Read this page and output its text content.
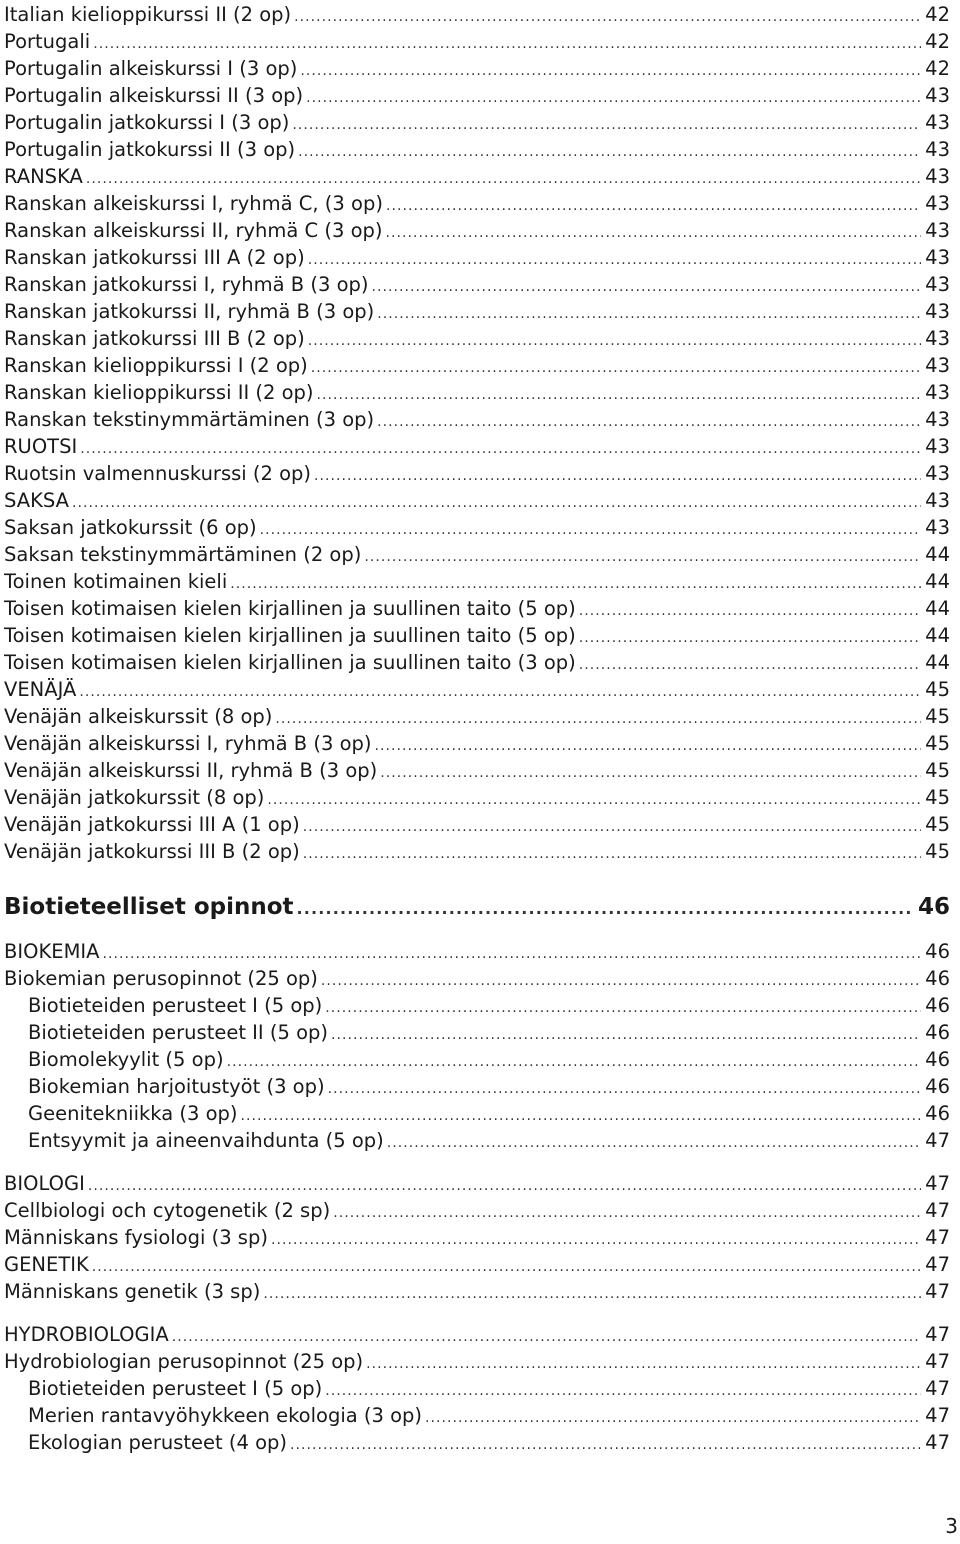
Italian kielioppikurssi II (2 op) . . .	42
Portugali . . .	42
Portugalin alkeiskurssi I (3 op) . . .	42
Portugalin alkeiskurssi II (3 op) . . .	43
Portugalin jatkokurssi I (3 op) . . .	43
Portugalin jatkokurssi II (3 op) . . .	43
RANSKA . . .	43
Ranskan alkeiskurssi I, ryhmä C, (3 op) . . .	43
Ranskan alkeiskurssi II, ryhmä C (3 op) . . .	43
Ranskan jatkokurssi III A (2 op) . . .	43
Ranskan jatkokurssi I, ryhmä B (3 op) . . .	43
Ranskan jatkokurssi II, ryhmä B (3 op) . . .	43
Ranskan jatkokurssi III B (2 op) . . .	43
Ranskan kielioppikurssi I (2 op) . . .	43
Ranskan kielioppikurssi II (2 op) . . .	43
Ranskan tekstinymmärtäminen (3 op) . . .	43
RUOTSI . . .	43
Ruotsin valmennuskurssi (2 op) . . .	43
SAKSA . . .	43
Saksan jatkokurssit (6 op) . . .	43
Saksan tekstinymmärtäminen (2 op) . . .	44
Toinen kotimainen kieli . . .	44
Toisen kotimaisen kielen kirjallinen ja suullinen taito (5 op) . . .	44
Toisen kotimaisen kielen kirjallinen ja suullinen taito (5 op) . . .	44
Toisen kotimaisen kielen kirjallinen ja suullinen taito (3 op) . . .	44
VENÄJÄ . . .	45
Venäjän alkeiskurssit (8 op) . . .	45
Venäjän alkeiskurssi I, ryhmä B (3 op) . . .	45
Venäjän alkeiskurssi II, ryhmä B (3 op) . . .	45
Venäjän jatkokurssit (8 op) . . .	45
Venäjän jatkokurssi III A (1 op) . . .	45
Venäjän jatkokurssi III B (2 op) . . .	45
Biotieteelliset opinnot . . .	46
BIOKEMIA . . .	46
Biokemian perusopinnot (25 op) . . .	46
Biotieteiden perusteet I (5 op) . . .	46
Biotieteiden perusteet II (5 op) . . .	46
Biomolekyylit (5 op) . . .	46
Biokemian harjoitustyöt (3 op) . . .	46
Geenitekniikka (3 op) . . .	46
Entsyymit ja aineenvaihdunta (5 op) . . .	47
BIOLOGI . . .	47
Cellbiologi och cytogenetik (2 sp) . . .	47
Människans fysiologi (3 sp) . . .	47
GENETIK . . .	47
Människans genetik (3 sp) . . .	47
HYDROBIOLOGIA . . .	47
Hydrobiologian perusopinnot (25 op) . . .	47
Biotieteiden perusteet I (5 op) . . .	47
Merien rantavyöhykkeen ekologia (3 op) . . .	47
Ekologian perusteet (4 op) . . .	47
3
